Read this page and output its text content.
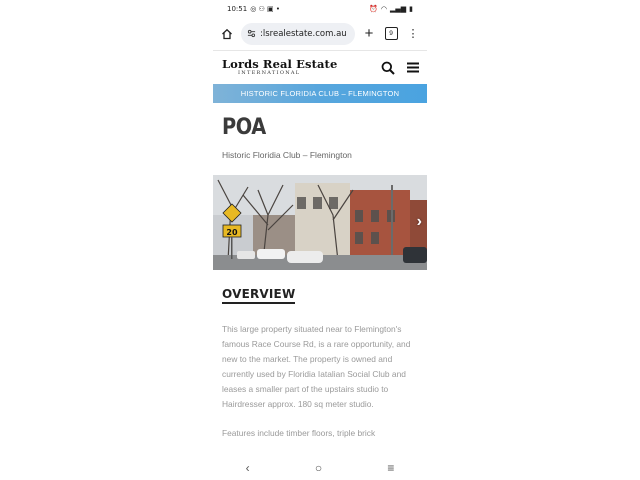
10:51 ◎ ⚇ ▣ •	⏰ ◠ ▂▄▆ ▮
:lsrealestate.com.au +	9	⋮
Lords Real Estate
INTERNATIONAL
HISTORIC FLORIDIA CLUB – FLEMINGTON
POA
Historic Floridia Club – Flemington
20
›
OVERVIEW
This large property situated near to Flemington's famous Race Course Rd, is a rare opportunity, and new to the market. The property is owned and currently used by Floridia Iatalian Social Club and leases a smaller part of the upstairs studio to Hairdresser approx. 180 sq meter studio.
Features include timber floors, triple brick
‹	○	≡
